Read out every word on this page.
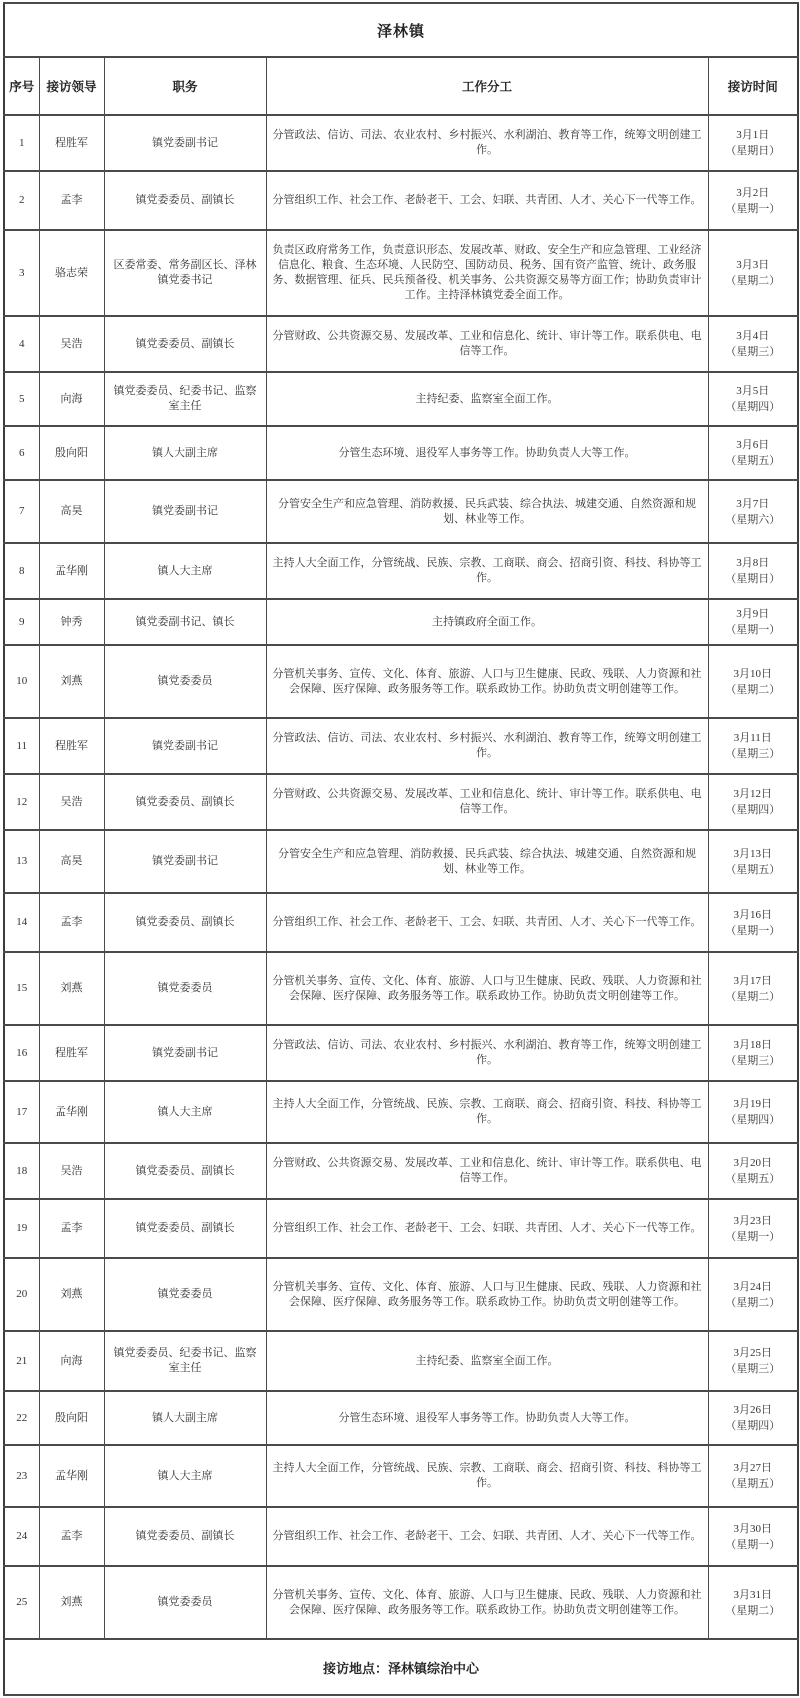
泽林镇				
序号	接访领导	职务	工作分工	接访时间
1	程胜军	镇党委副书记	分管政法、信访、司法、农业农村、乡村振兴、水利湖泊、教育等工作，统筹文明创建工作。	3月1日
（星期日）

2	孟李	镇党委委员、副镇长	分管组织工作、社会工作、老龄老干、工会、妇联、共青团、人才、关心下一代等工作。	3月2日
（星期一）

3	骆志荣	区委常委、常务副区长、泽林镇党委书记	负责区政府常务工作，负责意识形态、发展改革、财政、安全生产和应急管理、工业经济信息化、粮食、生态环境、人民防空、国防动员、税务、国有资产监管、统计、政务服务、数据管理、征兵、民兵预备役、机关事务、公共资源交易等方面工作；协助负责审计工作。主持泽林镇党委全面工作。	3月3日
（星期二）

4	吴浩	镇党委委员、副镇长	分管财政、公共资源交易、发展改革、工业和信息化、统计、审计等工作。联系供电、电信等工作。	3月4日
（星期三）

5	向海	镇党委委员、纪委书记、监察室主任	主持纪委、监察室全面工作。	3月5日
（星期四）

6	殷向阳	镇人大副主席	分管生态环境、退役军人事务等工作。协助负责人大等工作。	3月6日
（星期五）

7	高昊	镇党委副书记	分管安全生产和应急管理、消防救援、民兵武装、综合执法、城建交通、自然资源和规划、林业等工作。	3月7日
（星期六）

8	孟华刚	镇人大主席	主持人大全面工作，分管统战、民族、宗教、工商联、商会、招商引资、科技、科协等工作。	3月8日
（星期日）

9	钟秀	镇党委副书记、镇长	主持镇政府全面工作。	3月9日
（星期一）

10	刘燕	镇党委委员	分管机关事务、宣传、文化、体育、旅游、人口与卫生健康、民政、残联、人力资源和社会保障、医疗保障、政务服务等工作。联系政协工作。协助负责文明创建等工作。	3月10日
（星期二）

11	程胜军	镇党委副书记	分管政法、信访、司法、农业农村、乡村振兴、水利湖泊、教育等工作，统筹文明创建工作。	3月11日
（星期三）

12	吴浩	镇党委委员、副镇长	分管财政、公共资源交易、发展改革、工业和信息化、统计、审计等工作。联系供电、电信等工作。	3月12日
（星期四）

13	高昊	镇党委副书记	分管安全生产和应急管理、消防救援、民兵武装、综合执法、城建交通、自然资源和规划、林业等工作。	3月13日
（星期五）

14	孟李	镇党委委员、副镇长	分管组织工作、社会工作、老龄老干、工会、妇联、共青团、人才、关心下一代等工作。	3月16日
（星期一）

15	刘燕	镇党委委员	分管机关事务、宣传、文化、体育、旅游、人口与卫生健康、民政、残联、人力资源和社会保障、医疗保障、政务服务等工作。联系政协工作。协助负责文明创建等工作。	3月17日
（星期二）

16	程胜军	镇党委副书记	分管政法、信访、司法、农业农村、乡村振兴、水利湖泊、教育等工作，统筹文明创建工作。	3月18日
（星期三）

17	孟华刚	镇人大主席	主持人大全面工作，分管统战、民族、宗教、工商联、商会、招商引资、科技、科协等工作。	3月19日
（星期四）

18	吴浩	镇党委委员、副镇长	分管财政、公共资源交易、发展改革、工业和信息化、统计、审计等工作。联系供电、电信等工作。	3月20日
（星期五）

19	孟李	镇党委委员、副镇长	分管组织工作、社会工作、老龄老干、工会、妇联、共青团、人才、关心下一代等工作。	3月23日
（星期一）

20	刘燕	镇党委委员	分管机关事务、宣传、文化、体育、旅游、人口与卫生健康、民政、残联、人力资源和社会保障、医疗保障、政务服务等工作。联系政协工作。协助负责文明创建等工作。	3月24日
（星期二）

21	向海	镇党委委员、纪委书记、监察室主任	主持纪委、监察室全面工作。	3月25日
（星期三）

22	殷向阳	镇人大副主席	分管生态环境、退役军人事务等工作。协助负责人大等工作。	3月26日
（星期四）

23	孟华刚	镇人大主席	主持人大全面工作，分管统战、民族、宗教、工商联、商会、招商引资、科技、科协等工作。	3月27日
（星期五）

24	孟李	镇党委委员、副镇长	分管组织工作、社会工作、老龄老干、工会、妇联、共青团、人才、关心下一代等工作。	3月30日
（星期一）

25	刘燕	镇党委委员	分管机关事务、宣传、文化、体育、旅游、人口与卫生健康、民政、残联、人力资源和社会保障、医疗保障、政务服务等工作。联系政协工作。协助负责文明创建等工作。	3月31日
（星期二）

接访地点：泽林镇综治中心				
